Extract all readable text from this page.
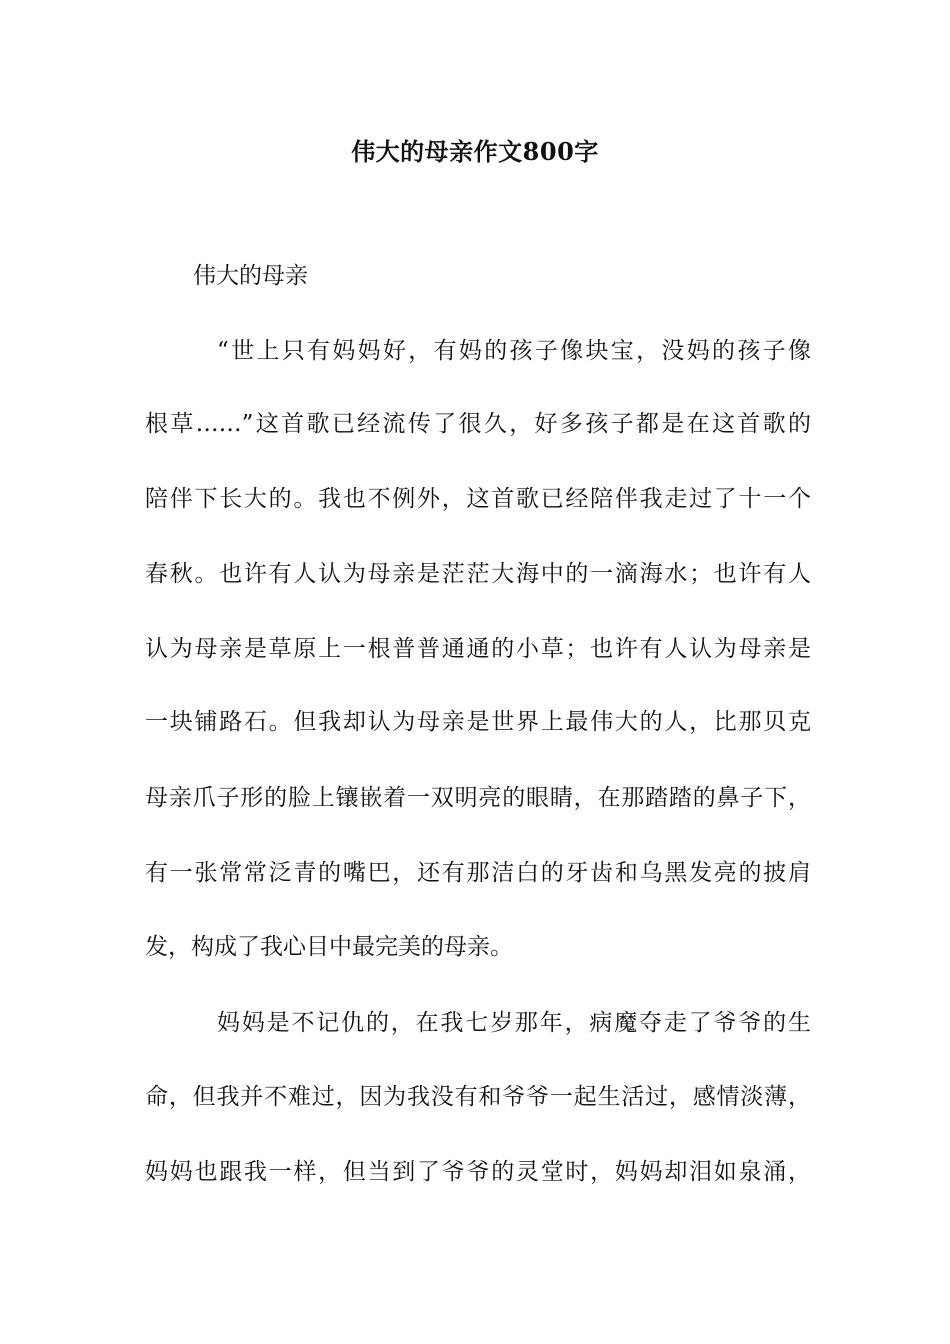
伟大的母亲作文800字
伟大的母亲
“世上只有妈妈好，有妈的孩子像块宝，没妈的孩子像
根草……”这首歌已经流传了很久，好多孩子都是在这首歌的
陪伴下长大的。我也不例外，这首歌已经陪伴我走过了十一个
春秋。也许有人认为母亲是茫茫大海中的一滴海水；也许有人
认为母亲是草原上一根普普通通的小草；也许有人认为母亲是
一块铺路石。但我却认为母亲是世界上最伟大的人，比那贝克
母亲爪子形的脸上镶嵌着一双明亮的眼睛，在那踏踏的鼻子下，
有一张常常泛青的嘴巴，还有那洁白的牙齿和乌黑发亮的披肩
发，构成了我心目中最完美的母亲。
妈妈是不记仇的，在我七岁那年，病魔夺走了爷爷的生
命，但我并不难过，因为我没有和爷爷一起生活过，感情淡薄，
妈妈也跟我一样，但当到了爷爷的灵堂时，妈妈却泪如泉涌，
